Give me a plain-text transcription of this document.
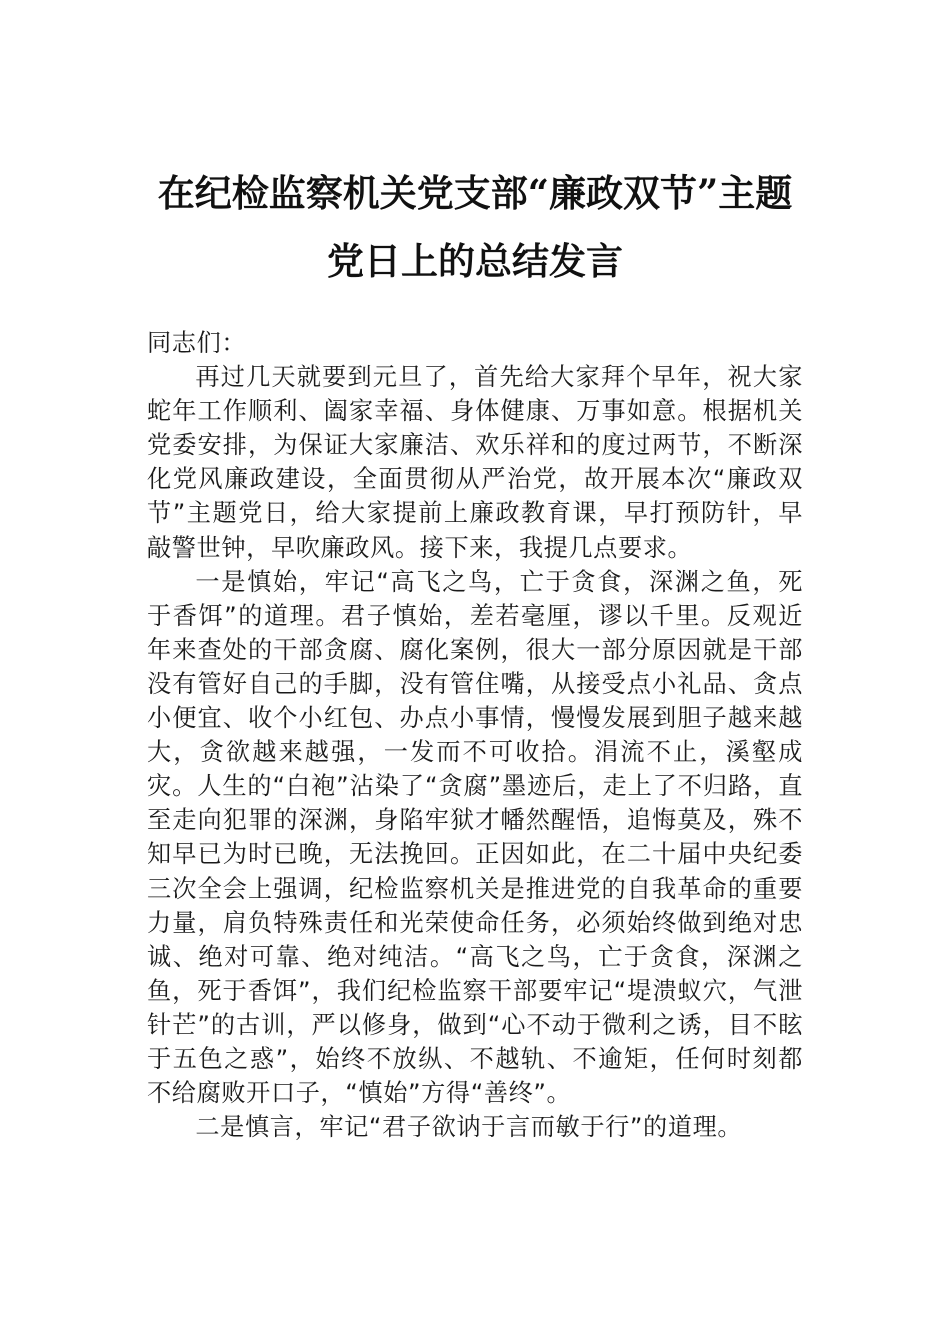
在纪检监察机关党支部“廉政双节”主题
党日上的总结发言

同志们：

再过几天就要到元旦了，首先给大家拜个早年，祝大家蛇年工作顺利、阖家幸福、身体健康、万事如意。根据机关党委安排，为保证大家廉洁、欢乐祥和的度过两节，不断深化党风廉政建设，全面贯彻从严治党，故开展本次“廉政双节”主题党日，给大家提前上廉政教育课，早打预防针，早敲警世钟，早吹廉政风。接下来，我提几点要求。

一是慎始，牢记“高飞之鸟，亡于贪食，深渊之鱼，死于香饵”的道理。君子慎始，差若毫厘，谬以千里。反观近年来查处的干部贪腐、腐化案例，很大一部分原因就是干部没有管好自己的手脚，没有管住嘴，从接受点小礼品、贪点小便宜、收个小红包、办点小事情，慢慢发展到胆子越来越大，贪欲越来越强，一发而不可收拾。涓流不止，溪壑成灾。人生的“白袍”沾染了“贪腐”墨迹后，走上了不归路，直至走向犯罪的深渊，身陷牢狱才幡然醒悟，追悔莫及，殊不知早已为时已晚，无法挽回。正因如此，在二十届中央纪委三次全会上强调，纪检监察机关是推进党的自我革命的重要力量，肩负特殊责任和光荣使命任务，必须始终做到绝对忠诚、绝对可靠、绝对纯洁。“高飞之鸟，亡于贪食，深渊之鱼，死于香饵”，我们纪检监察干部要牢记“堤溃蚁穴，气泄针芒”的古训，严以修身，做到“心不动于微利之诱，目不眩于五色之惑”，始终不放纵、不越轨、不逾矩，任何时刻都不给腐败开口子，“慎始”方得“善终”。

二是慎言，牢记“君子欲讷于言而敏于行”的道理。
